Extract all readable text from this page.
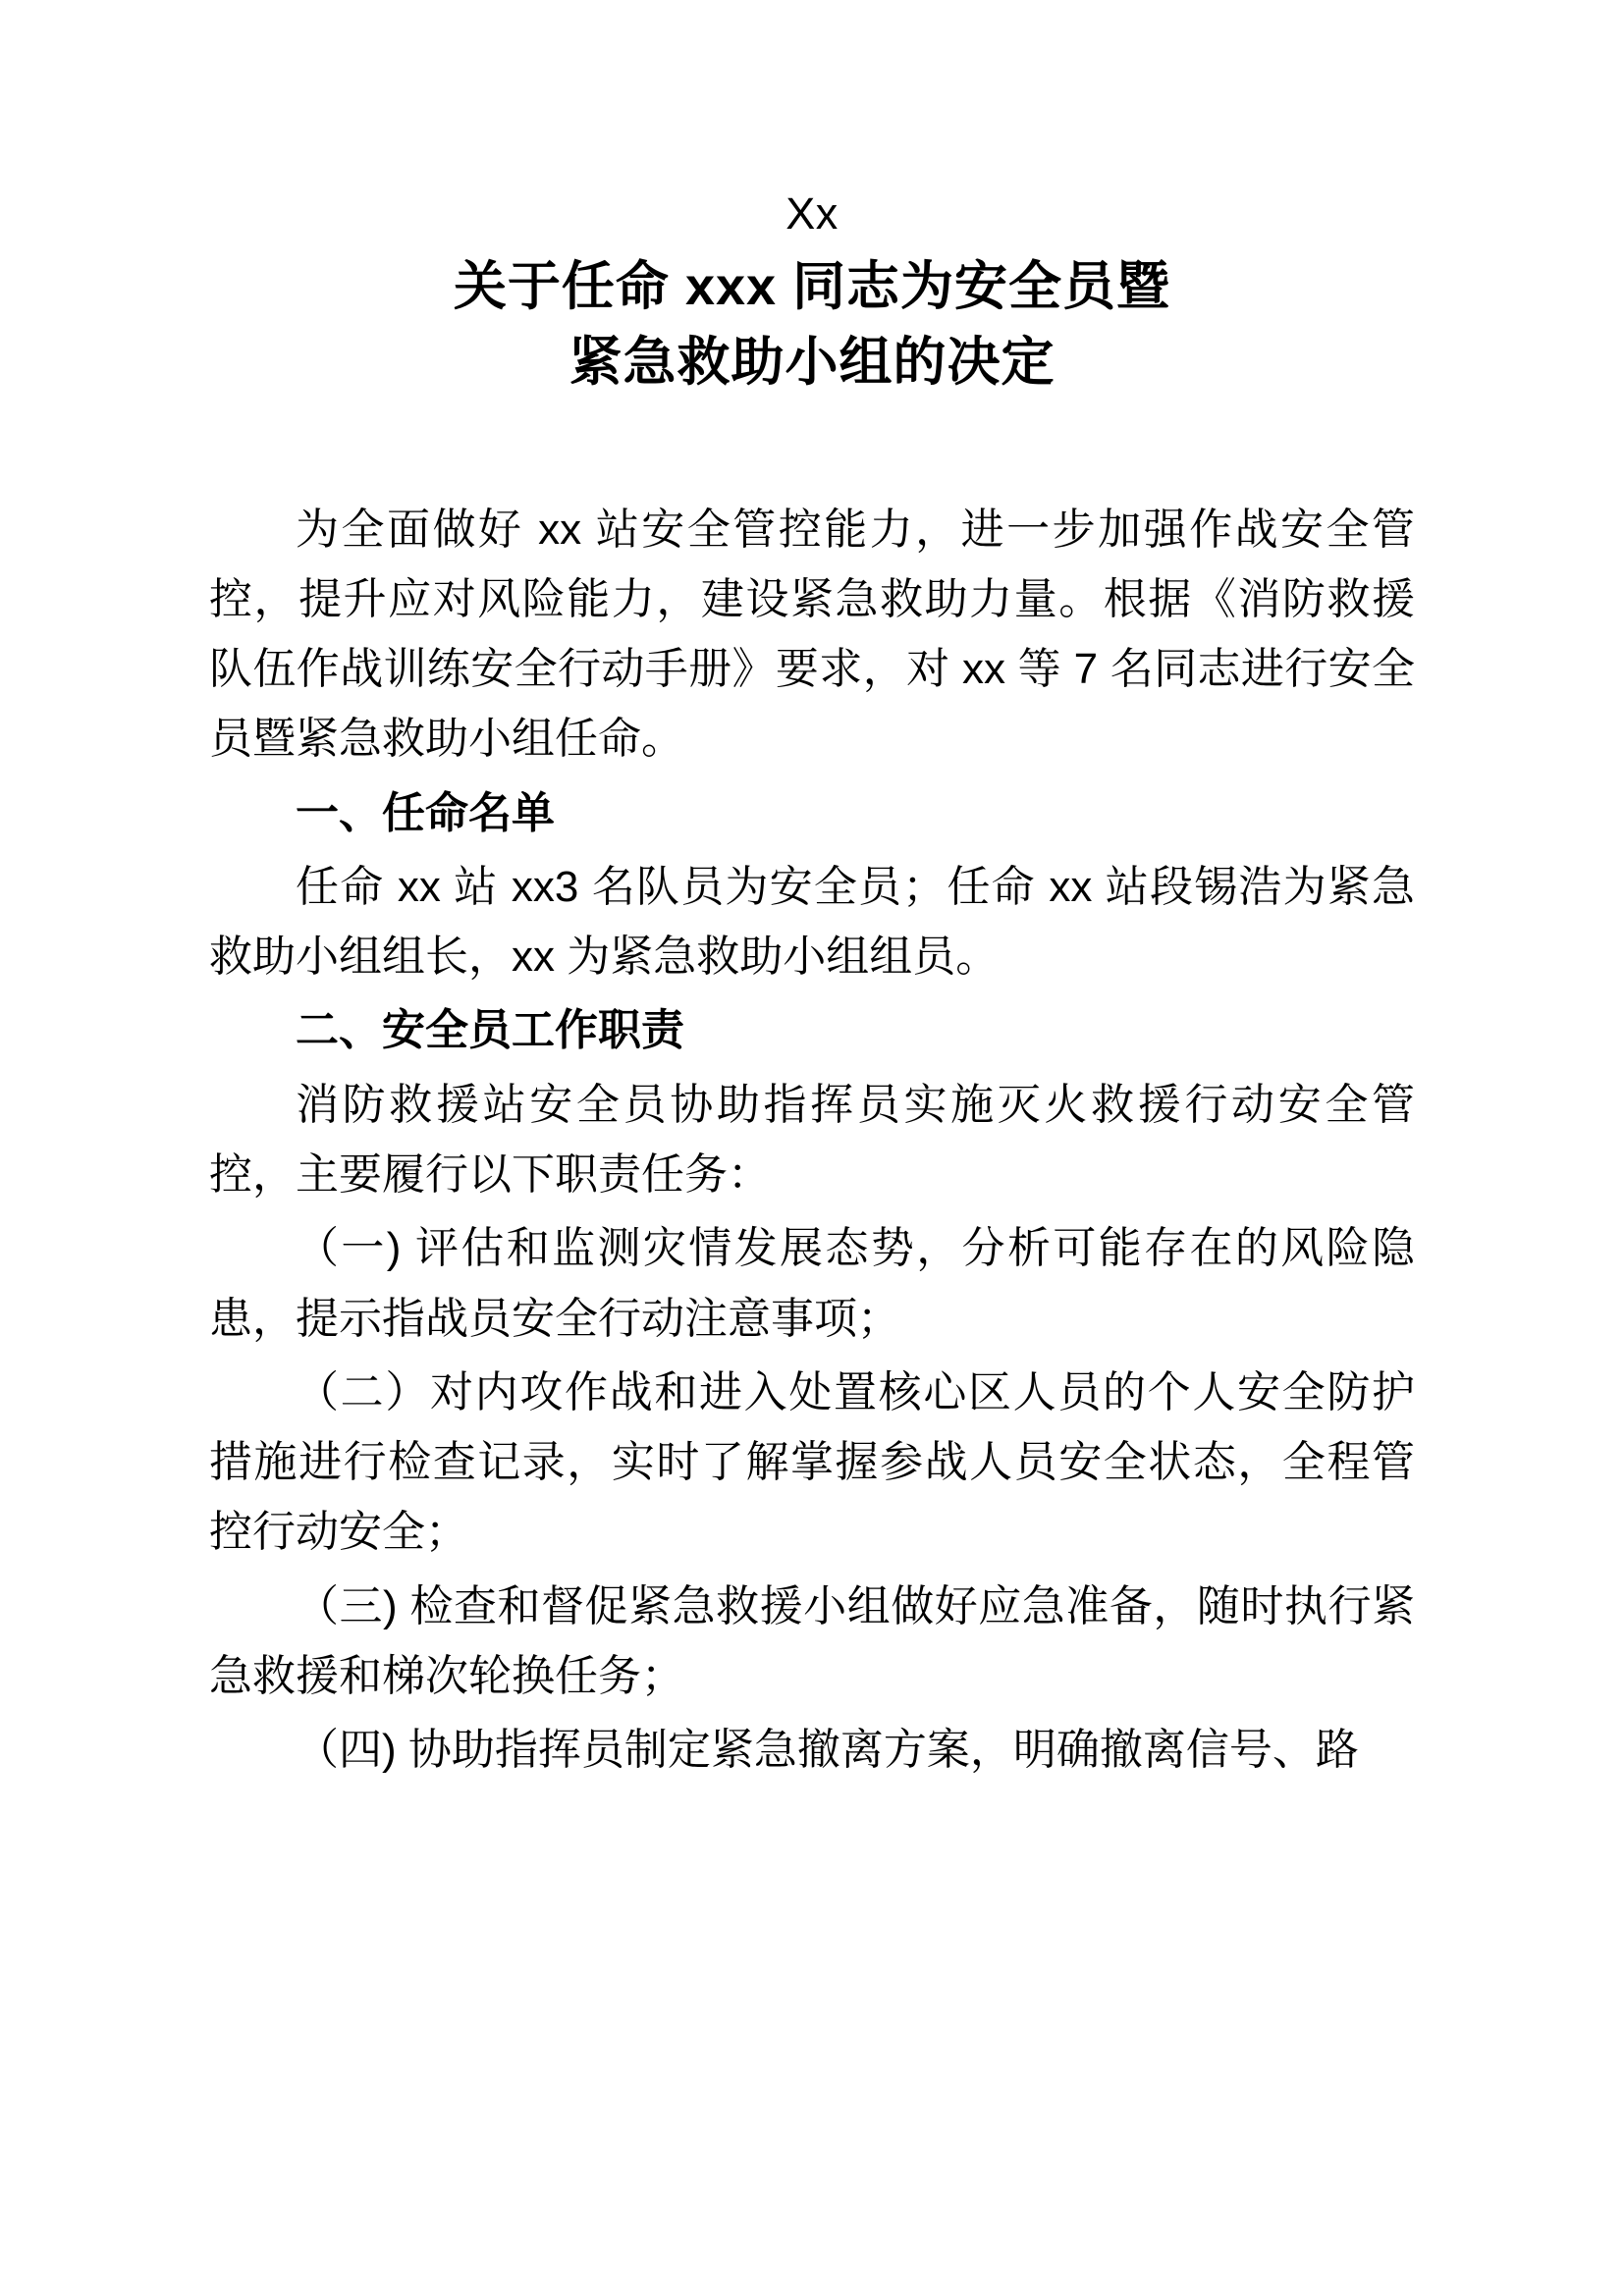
Xx
关于任命 xxx 同志为安全员暨
紧急救助小组的决定

为全面做好 xx 站安全管控能力，进一步加强作战安全管控，提升应对风险能力，建设紧急救助力量。根据《消防救援队伍作战训练安全行动手册》要求，对 xx 等 7 名同志进行安全员暨紧急救助小组任命。

一、任命名单

任命 xx 站 xx3 名队员为安全员；任命 xx 站段锡浩为紧急救助小组组长，xx 为紧急救助小组组员。

二、安全员工作职责

消防救援站安全员协助指挥员实施灭火救援行动安全管控，主要履行以下职责任务：

（一) 评估和监测灾情发展态势，分析可能存在的风险隐患，提示指战员安全行动注意事项；

（二）对内攻作战和进入处置核心区人员的个人安全防护措施进行检查记录，实时了解掌握参战人员安全状态，全程管控行动安全；

（三) 检查和督促紧急救援小组做好应急准备，随时执行紧急救援和梯次轮换任务；

（四) 协助指挥员制定紧急撤离方案，明确撤离信号、路
